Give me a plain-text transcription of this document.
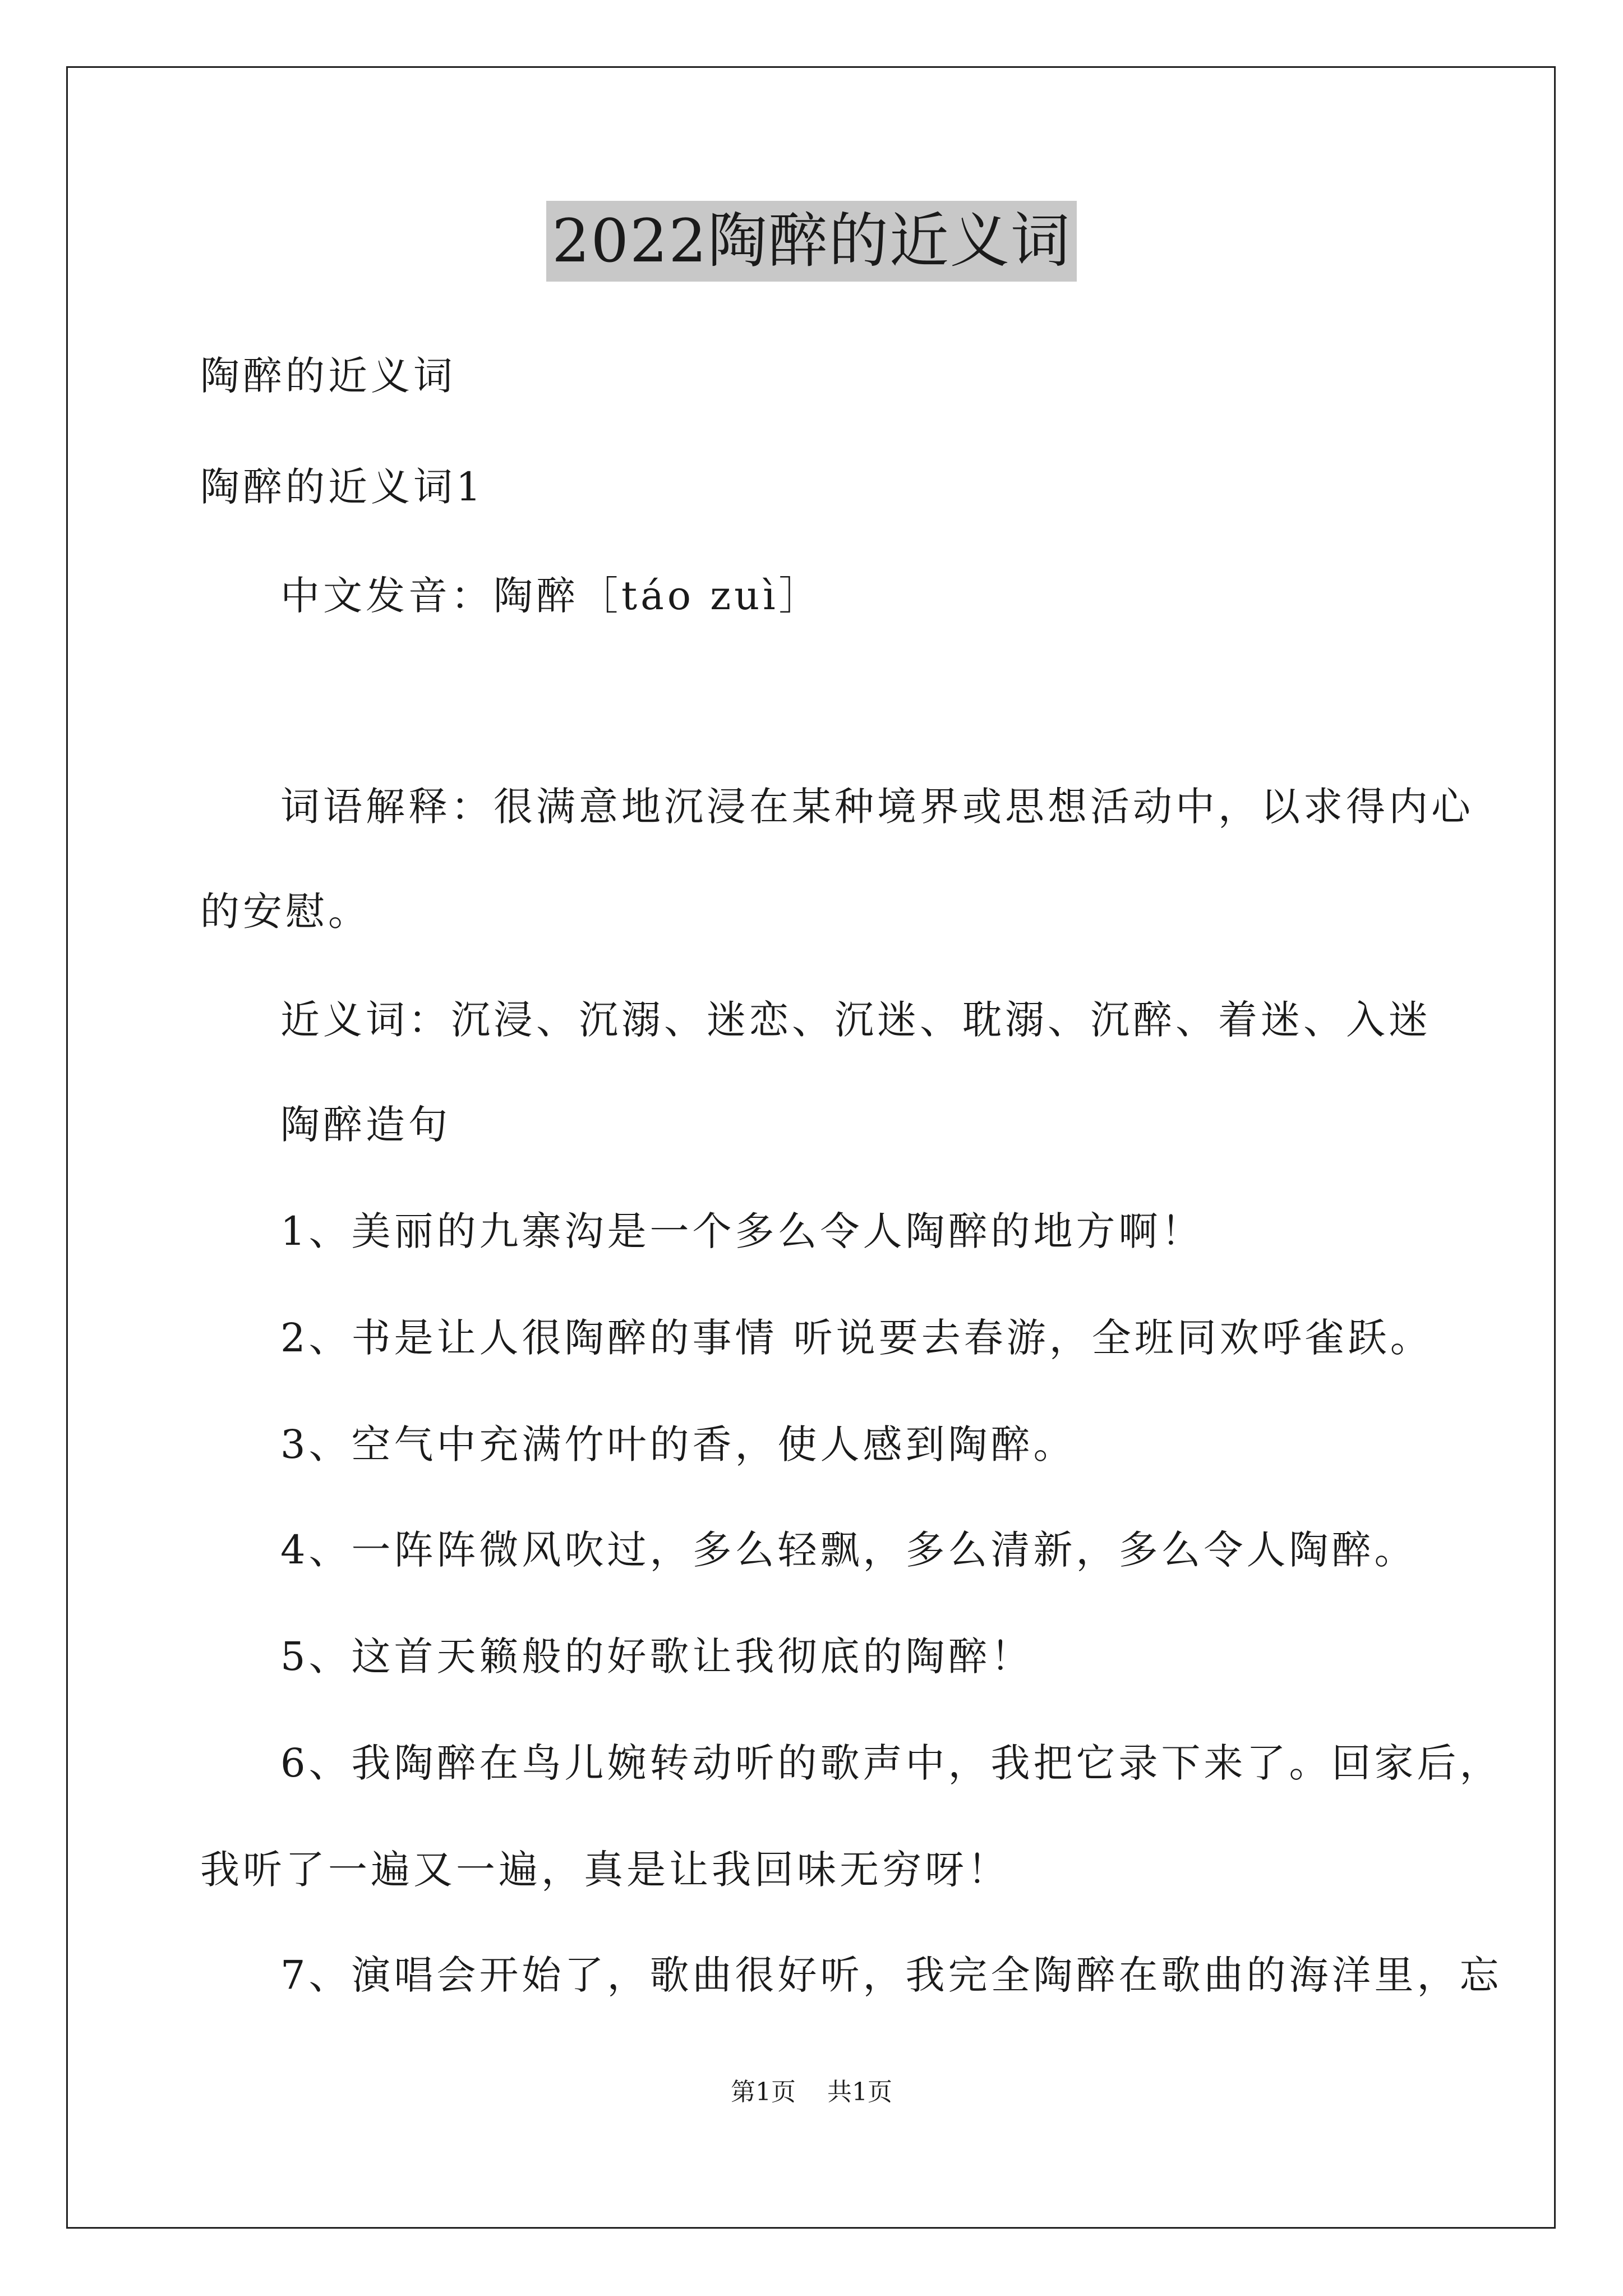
2022陶醉的近义词
陶醉的近义词
陶醉的近义词1
中文发音：陶醉［táo zuì］
词语解释：很满意地沉浸在某种境界或思想活动中，以求得内心
的安慰。
近义词：沉浸、沉溺、迷恋、沉迷、耽溺、沉醉、着迷、入迷
陶醉造句
1、美丽的九寨沟是一个多么令人陶醉的地方啊！
2、书是让人很陶醉的事情 听说要去春游，全班同欢呼雀跃。
3、空气中充满竹叶的香，使人感到陶醉。
4、一阵阵微风吹过，多么轻飘，多么清新，多么令人陶醉。
5、这首天籁般的好歌让我彻底的陶醉！
6、我陶醉在鸟儿婉转动听的歌声中，我把它录下来了。回家后，
我听了一遍又一遍，真是让我回味无穷呀！
7、演唱会开始了，歌曲很好听，我完全陶醉在歌曲的海洋里，忘
第1页 共1页
